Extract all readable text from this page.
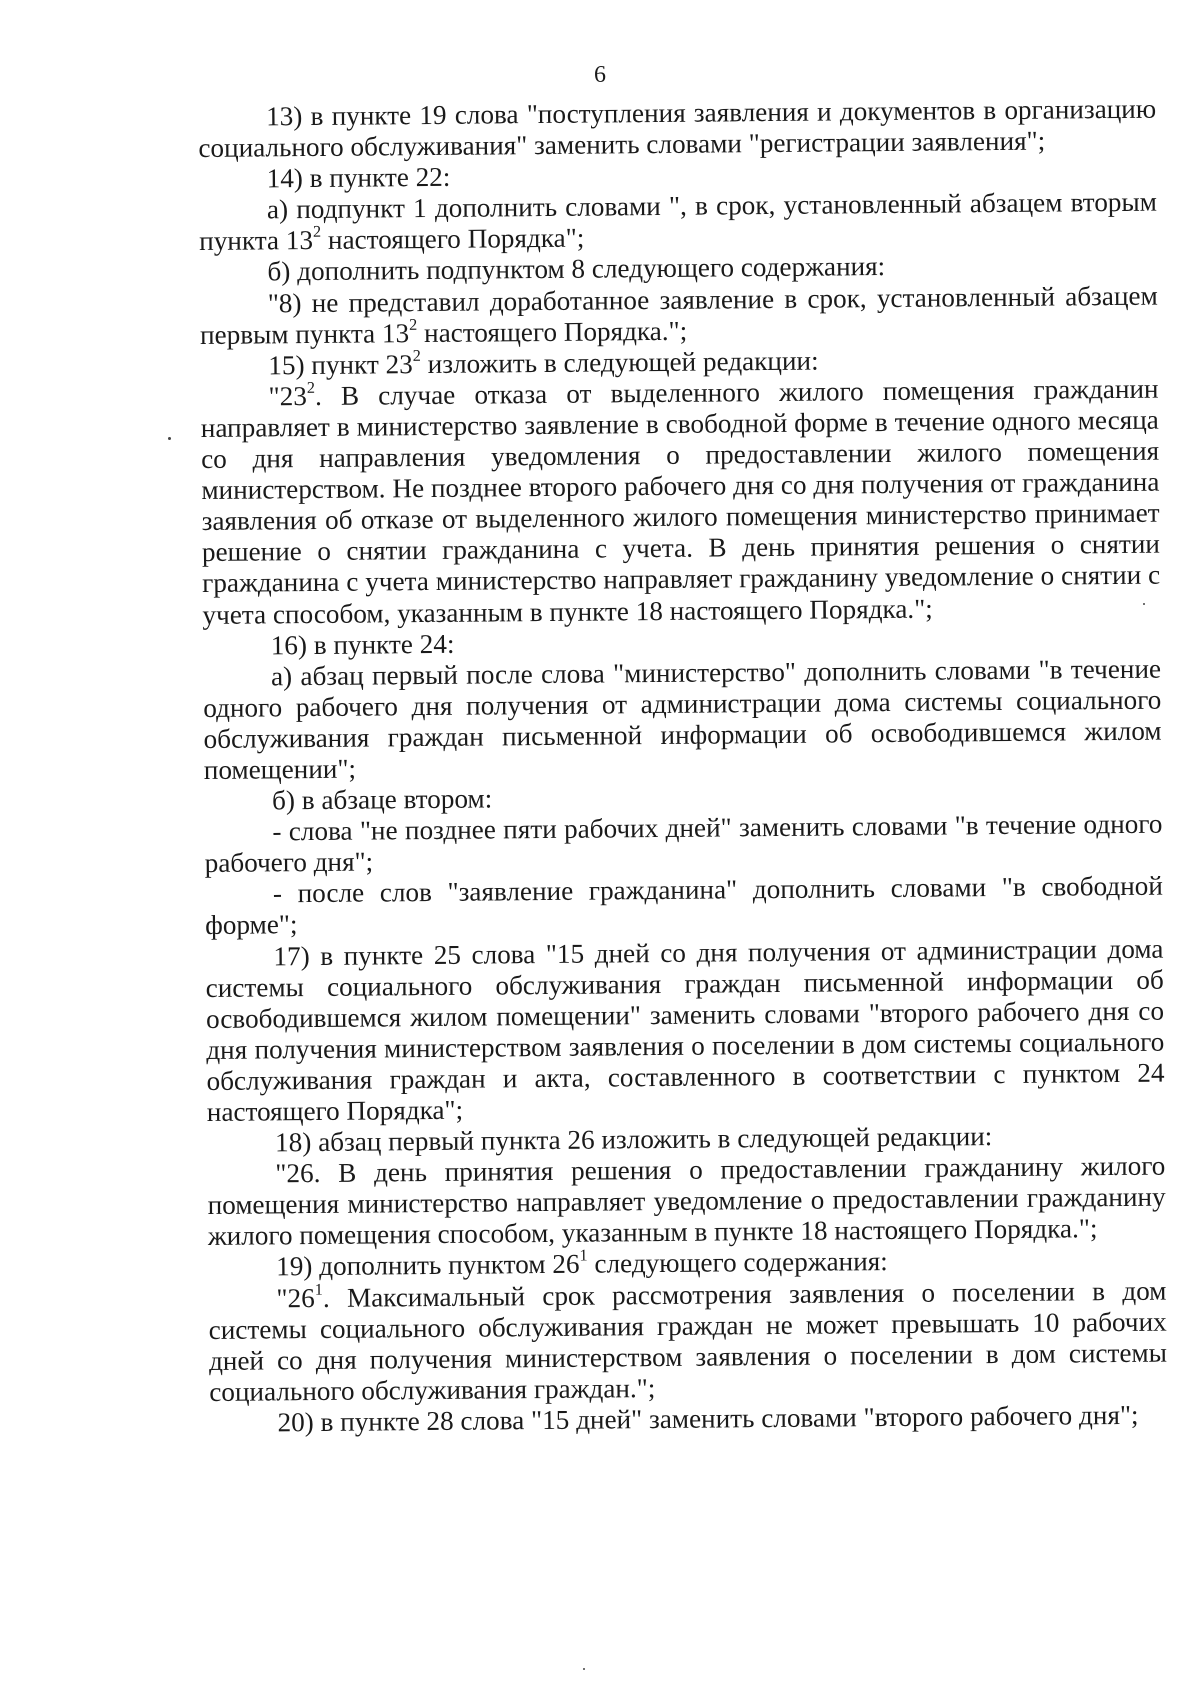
6

13) в пункте 19 слова "поступления заявления и документов в организацию социального обслуживания" заменить словами "регистрации заявления";

14) в пункте 22:

а) подпункт 1 дополнить словами ", в срок, установленный абзацем вторым пункта $13^2$ настоящего Порядка";

б) дополнить подпунктом 8 следующего содержания:

"8) не представил доработанное заявление в срок, установленный абзацем первым пункта $13^2$ настоящего Порядка.";

15) пункт $23^2$ изложить в следующей редакции:

"$23^2$. В случае отказа от выделенного жилого помещения гражданин направляет в министерство заявление в свободной форме в течение одного месяца со дня направления уведомления о предоставлении жилого помещения министерством. Не позднее второго рабочего дня со дня получения от гражданина заявления об отказе от выделенного жилого помещения министерство принимает решение о снятии гражданина с учета. В день принятия решения о снятии гражданина с учета министерство направляет гражданину уведомление о снятии с учета способом, указанным в пункте 18 настоящего Порядка.";

16) в пункте 24:

а) абзац первый после слова "министерство" дополнить словами "в течение одного рабочего дня получения от администрации дома системы социального обслуживания граждан письменной информации об освободившемся жилом помещении";

б) в абзаце втором:

- слова "не позднее пяти рабочих дней" заменить словами "в течение одного рабочего дня";

- после слов "заявление гражданина" дополнить словами "в свободной форме";

17) в пункте 25 слова "15 дней со дня получения от администрации дома системы социального обслуживания граждан письменной информации об освободившемся жилом помещении" заменить словами "второго рабочего дня со дня получения министерством заявления о поселении в дом системы социального обслуживания граждан и акта, составленного в соответствии с пунктом 24 настоящего Порядка";

18) абзац первый пункта 26 изложить в следующей редакции:

"26. В день принятия решения о предоставлении гражданину жилого помещения министерство направляет уведомление о предоставлении гражданину жилого помещения способом, указанным в пункте 18 настоящего Порядка.";

19) дополнить пунктом $26^1$ следующего содержания:

"$26^1$. Максимальный срок рассмотрения заявления о поселении в дом системы социального обслуживания граждан не может превышать 10 рабочих дней со дня получения министерством заявления о поселении в дом системы социального обслуживания граждан.";

20) в пункте 28 слова "15 дней" заменить словами "второго рабочего дня";
